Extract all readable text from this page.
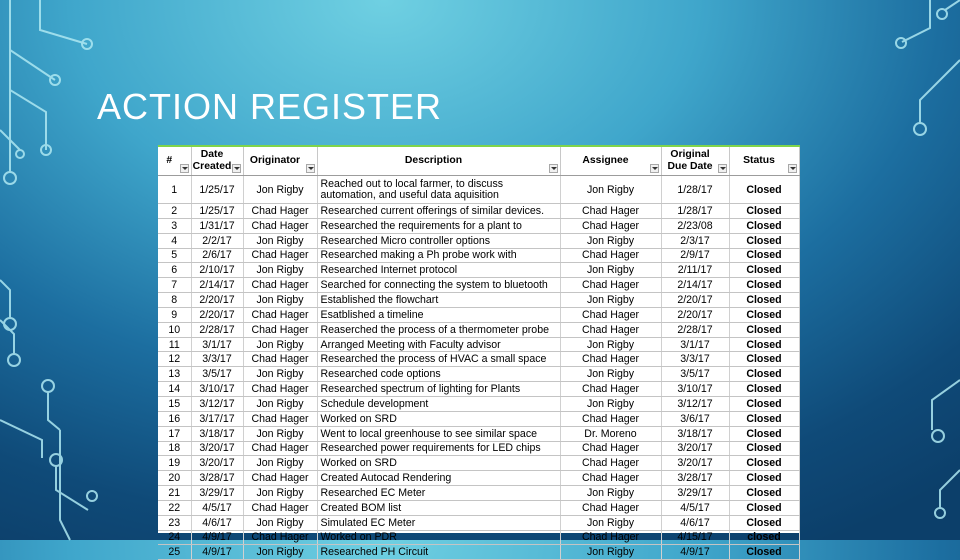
ACTION REGISTER
#	Date Created	Originator	Description	Assignee	Original Due Date	Status

1	1/25/17	Jon Rigby	Reached out to local farmer, to discuss automation, and useful data aquisition	Jon Rigby	1/28/17	Closed
2	1/25/17	Chad Hager	Researched current offerings of similar devices.	Chad Hager	1/28/17	Closed
3	1/31/17	Chad Hager	Researched the requirements for a plant to	Chad Hager	2/23/08	Closed
4	2/2/17	Jon Rigby	Researched Micro controller options	Jon Rigby	2/3/17	Closed
5	2/6/17	Chad Hager	Researched making a Ph probe work with	Chad Hager	2/9/17	Closed
6	2/10/17	Jon Rigby	Researched Internet protocol	Jon Rigby	2/11/17	Closed
7	2/14/17	Chad Hager	Searched for connecting the system to bluetooth	Chad Hager	2/14/17	Closed
8	2/20/17	Jon Rigby	Established the flowchart	Jon Rigby	2/20/17	Closed
9	2/20/17	Chad Hager	Esatblished a timeline	Chad Hager	2/20/17	Closed
10	2/28/17	Chad Hager	Reaserched the process of a thermometer probe	Chad Hager	2/28/17	Closed
11	3/1/17	Jon Rigby	Arranged Meeting with Faculty advisor	Jon Rigby	3/1/17	Closed
12	3/3/17	Chad Hager	Researched the process of HVAC a small space	Chad Hager	3/3/17	Closed
13	3/5/17	Jon Rigby	Researched code options	Jon Rigby	3/5/17	Closed
14	3/10/17	Chad Hager	Researched spectrum of lighting for Plants	Chad Hager	3/10/17	Closed
15	3/12/17	Jon Rigby	Schedule development	Jon Rigby	3/12/17	Closed
16	3/17/17	Chad Hager	Worked on SRD	Chad Hager	3/6/17	Closed
17	3/18/17	Jon Rigby	Went to local greenhouse to see similar space	Dr. Moreno	3/18/17	Closed
18	3/20/17	Chad Hager	Researched power requirements for LED chips	Chad Hager	3/20/17	Closed
19	3/20/17	Jon Rigby	Worked on SRD	Chad Hager	3/20/17	Closed
20	3/28/17	Chad Hager	Created Autocad Rendering	Chad Hager	3/28/17	Closed
21	3/29/17	Jon Rigby	Researched EC Meter	Jon Rigby	3/29/17	Closed
22	4/5/17	Chad Hager	Created BOM list	Chad Hager	4/5/17	Closed
23	4/6/17	Jon Rigby	Simulated EC Meter	Jon Rigby	4/6/17	Closed
24	4/9/17	Chad Hager	Worked on PDR	Chad Hager	4/15/17	closed
25	4/9/17	Jon Rigby	Researched PH Circuit	Jon Rigby	4/9/17	Closed
